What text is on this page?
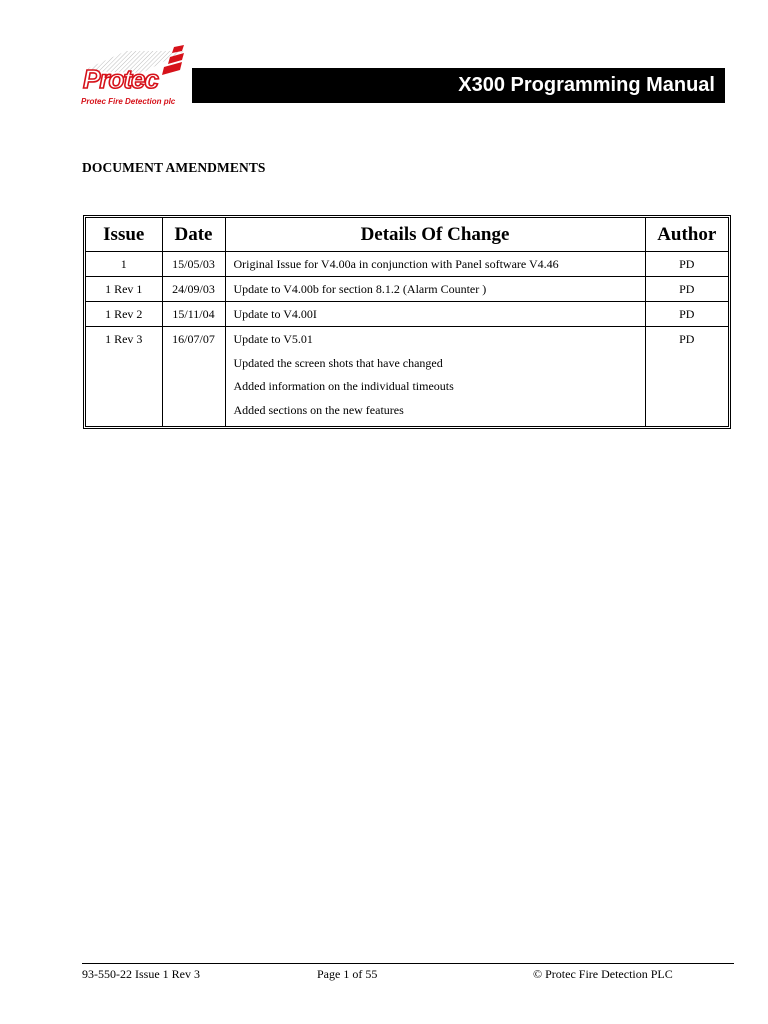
Protec
Protec Fire Detection plc
X300 Programming Manual
DOCUMENT AMENDMENTS
Issue	Date	Details Of Change	Author

1	15/05/03	Original Issue for V4.00a in conjunction with Panel software V4.46	PD

1 Rev 1	24/09/03	Update to V4.00b for section 8.1.2 (Alarm Counter )	PD

1 Rev 2	15/11/04	Update to V4.00I	PD

1 Rev 3	16/07/07	Update to V5.01
Updated the screen shots that have changed
Added information on the individual timeouts
Added sections on the new features	PD
93-550-22 Issue 1 Rev 3	Page 1 of 55	© Protec Fire Detection PLC
